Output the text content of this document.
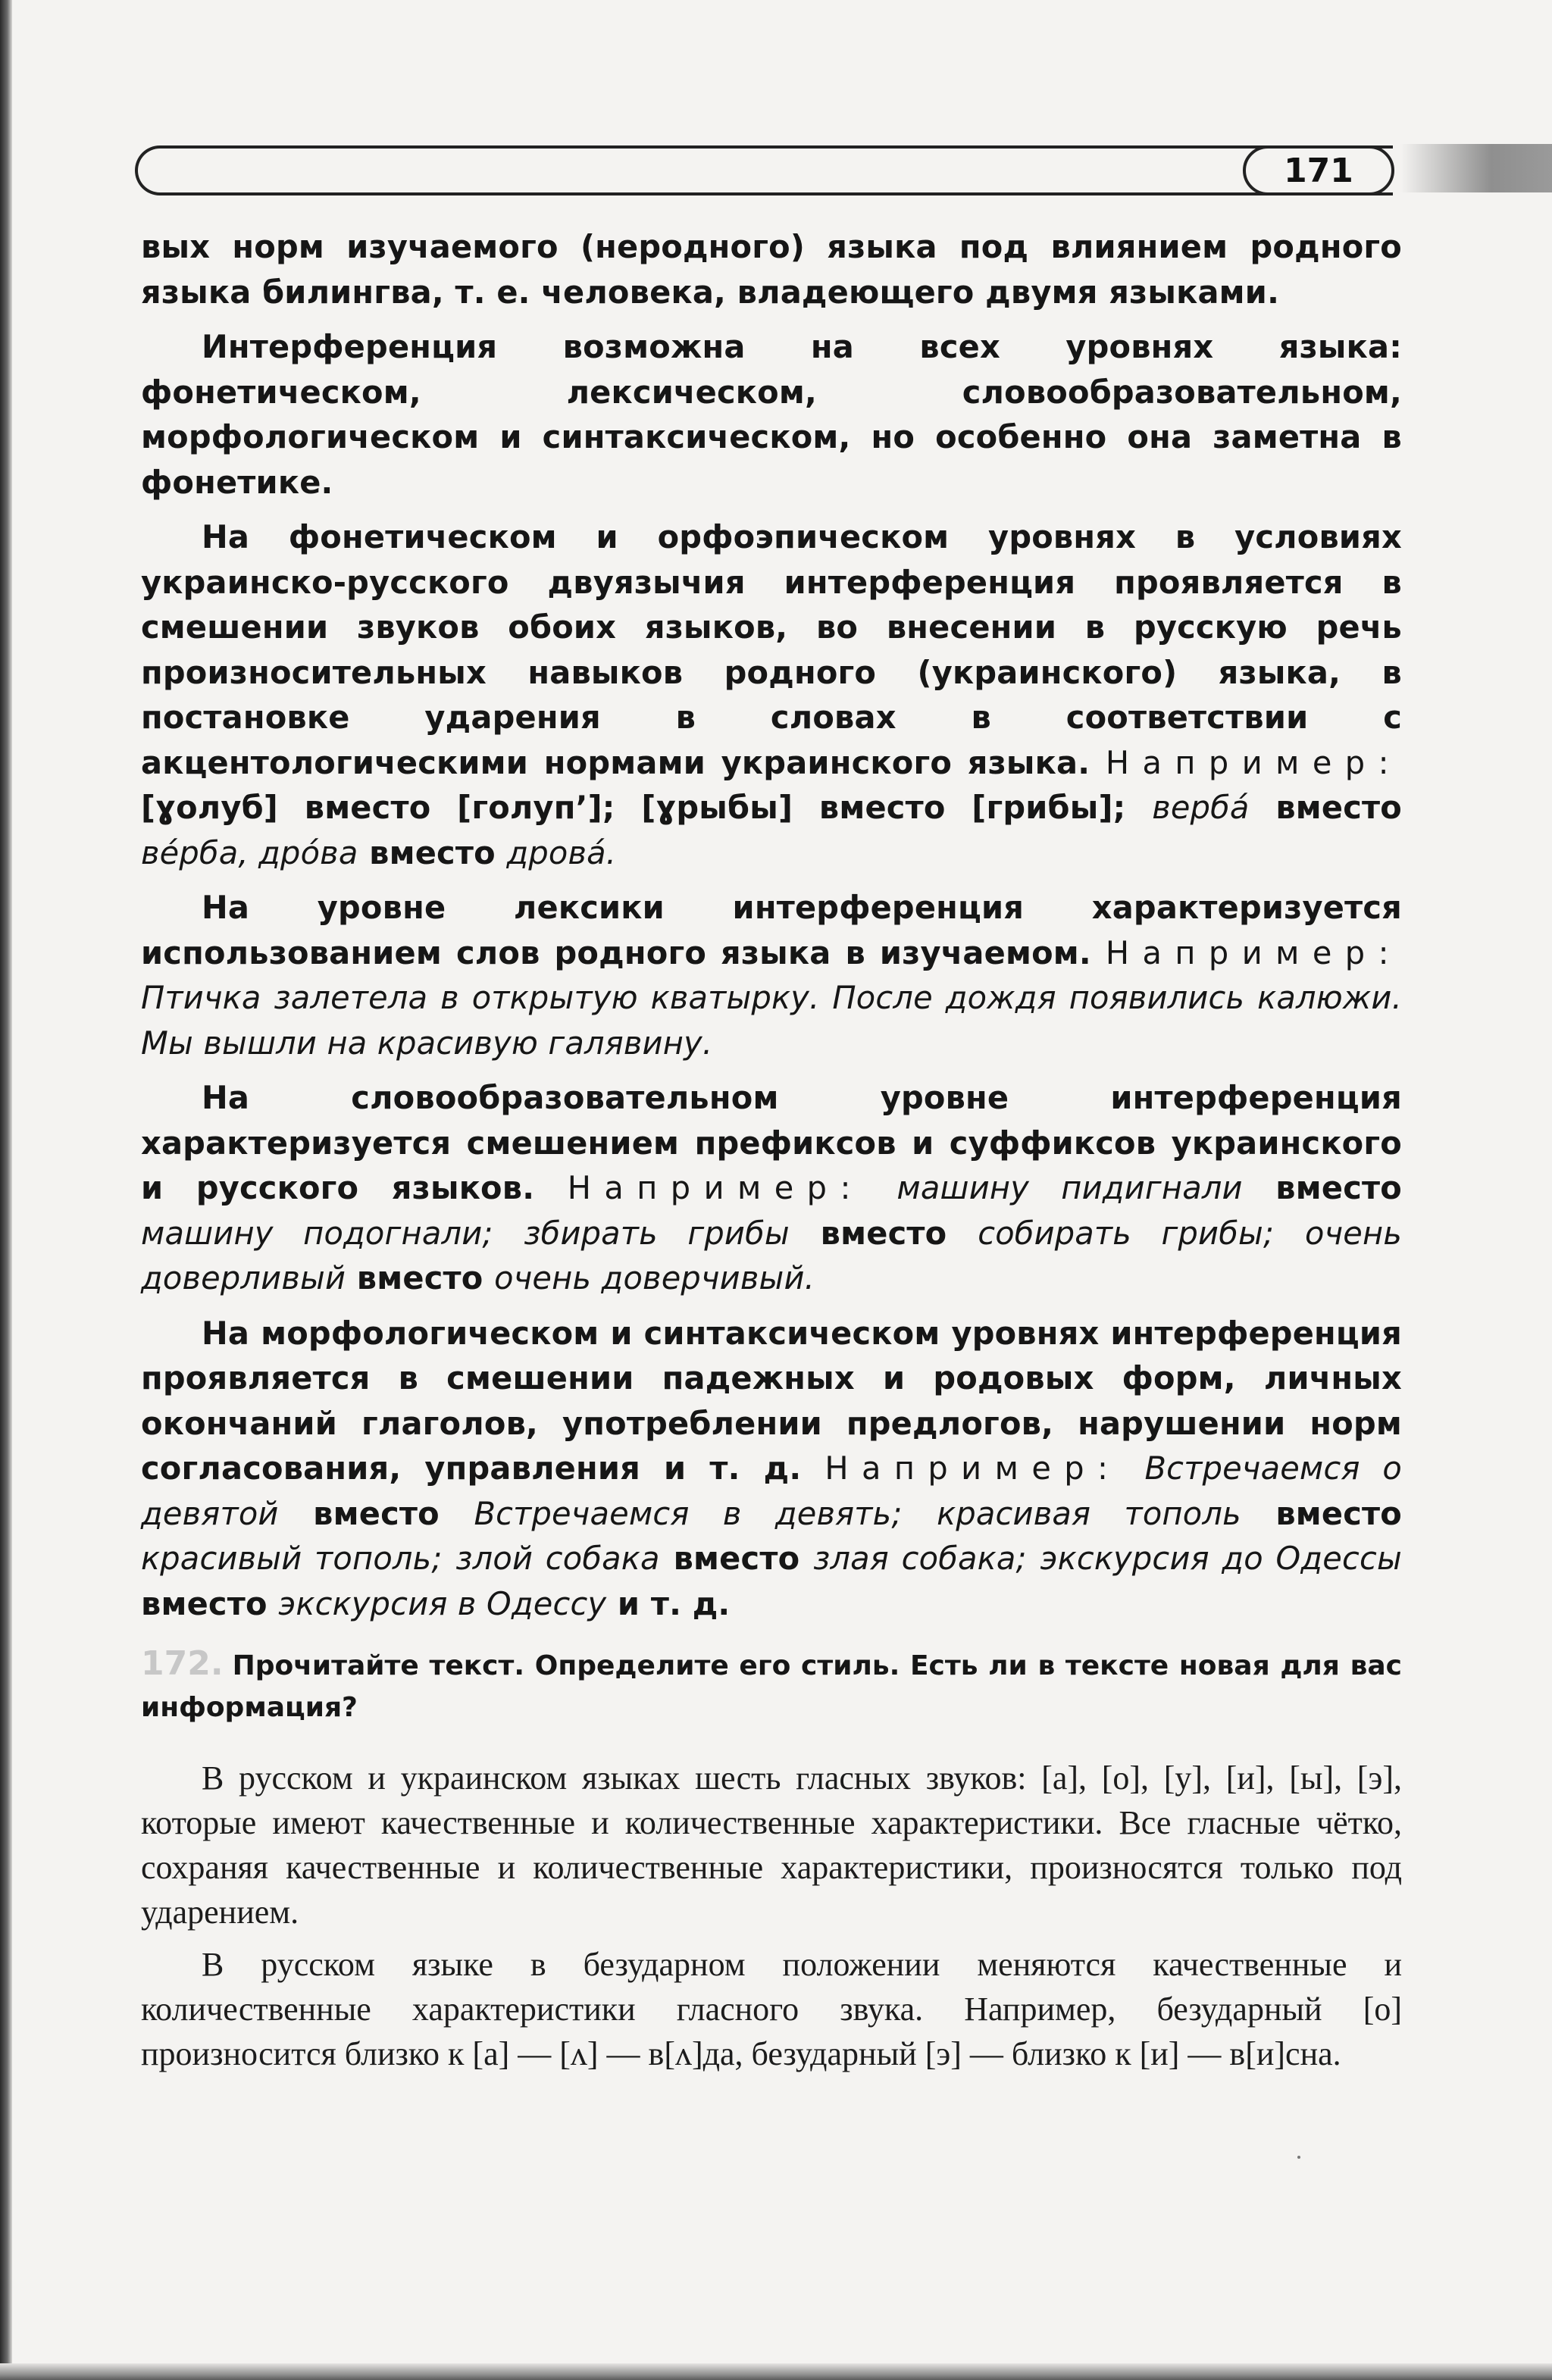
171

вых норм изучаемого (неродного) языка под влиянием родного языка билингва, т. е. человека, владеющего двумя языками.

Интерференция возможна на всех уровнях языка: фонетическом, лексическом, словообразовательном, морфологическом и синтаксическом, но особенно она заметна в фонетике.

На фонетическом и орфоэпическом уровнях в условиях украинско-русского двуязычия интерференция проявляется в смешении звуков обоих языков, во внесении в русскую речь произносительных навыков родного (украинского) языка, в постановке ударения в словах в соответствии с акцентологическими нормами украинского языка. Например: [ɣолуб] вместо [голуп’]; [ɣрыбы] вместо [грибы]; верба́ вместо ве́рба, дро́ва вместо дрова́.

На уровне лексики интерференция характеризуется использованием слов родного языка в изучаемом. Например: Птичка залетела в открытую кватырку. После дождя появились калюжи. Мы вышли на красивую галявину.

На словообразовательном уровне интерференция характеризуется смешением префиксов и суффиксов украинского и русского языков. Например: машину пидигнали вместо машину подогнали; збирать грибы вместо собирать грибы; очень доверливый вместо очень доверчивый.

На морфологическом и синтаксическом уровнях интерференция проявляется в смешении падежных и родовых форм, личных окончаний глаголов, употреблении предлогов, нарушении норм согласования, управления и т. д. Например: Встречаемся о девятой вместо Встречаемся в девять; красивая тополь вместо красивый тополь; злой собака вместо злая собака; экскурсия до Одессы вместо экскурсия в Одессу и т. д.

172. Прочитайте текст. Определите его стиль. Есть ли в тексте новая для вас информация?

В русском и украинском языках шесть гласных звуков: [а], [о], [у], [и], [ы], [э], которые имеют качественные и количественные характеристики. Все гласные чётко, сохраняя качественные и количественные характеристики, произносятся только под ударением.

В русском языке в безударном положении меняются качественные и количественные характеристики гласного звука. Например, безударный [о] произносится близко к [а] — [ʌ] — в[ʌ]да, безударный [э] — близко к [и] — в[и]сна.
